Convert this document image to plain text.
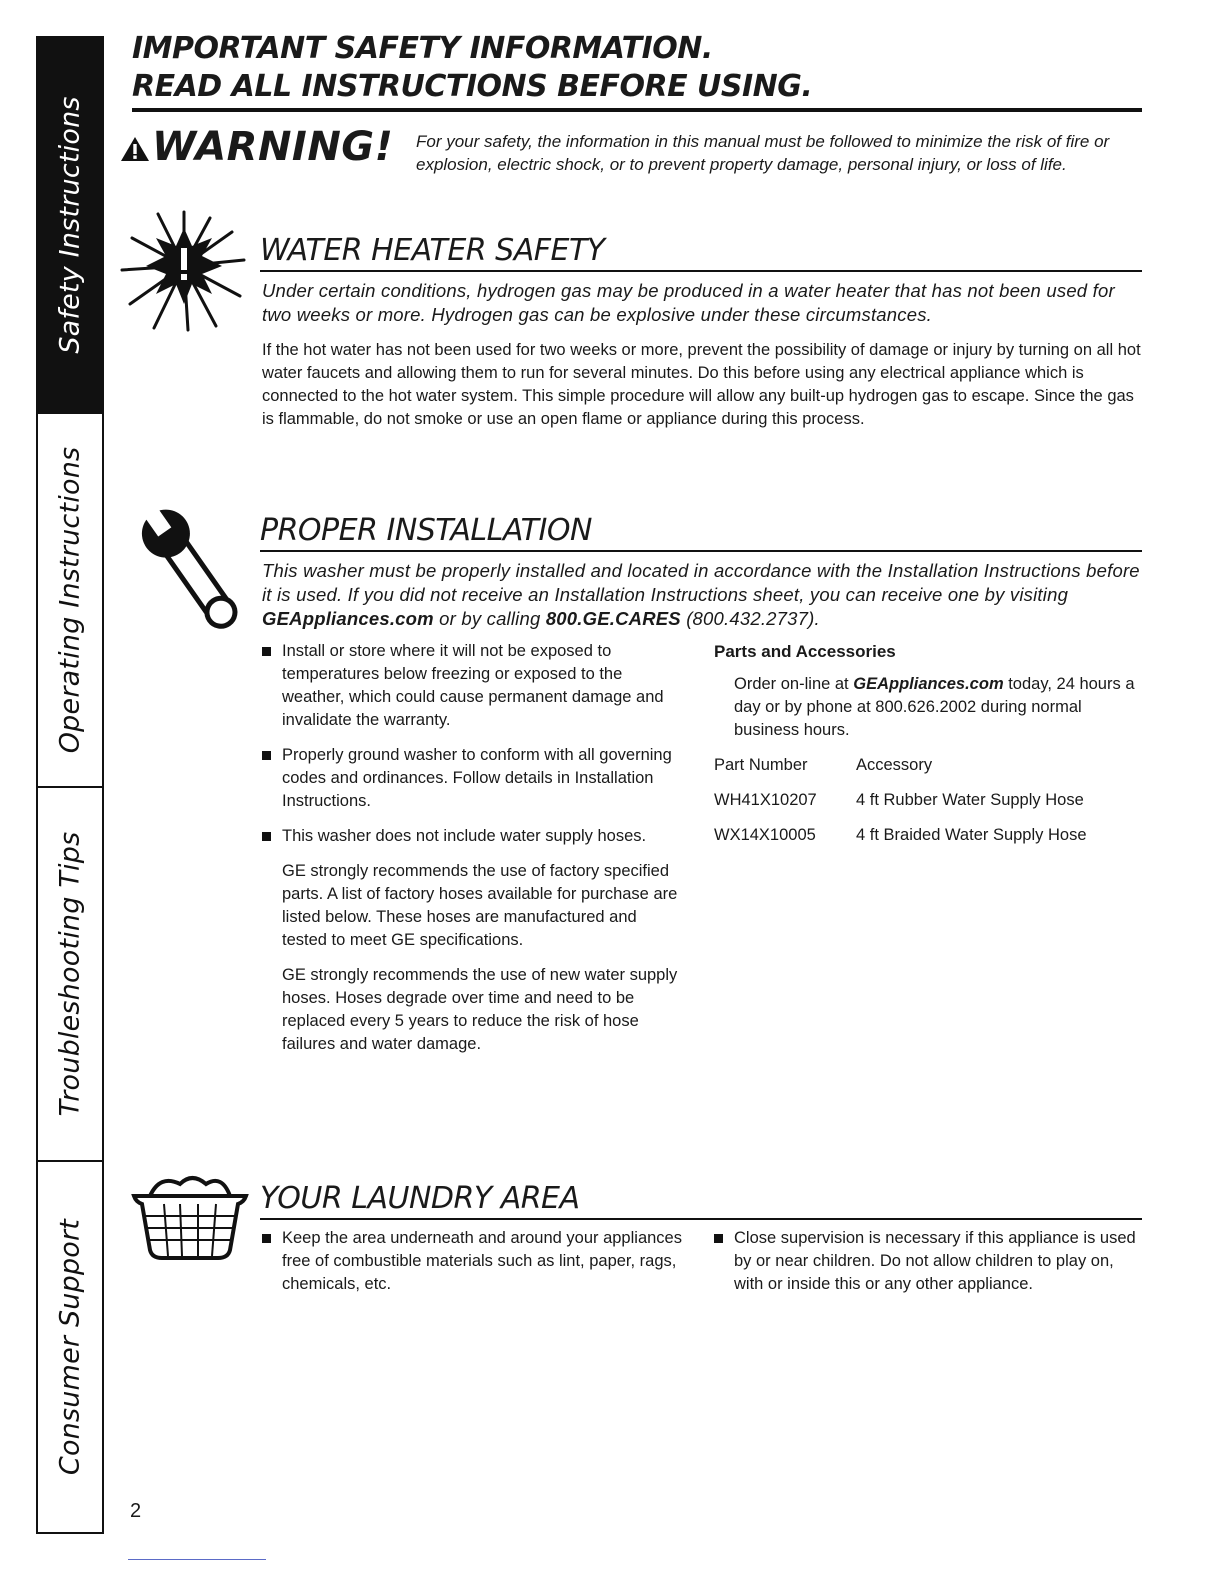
Safety Instructions
Operating Instructions
Troubleshooting Tips
Consumer Support
IMPORTANT SAFETY INFORMATION.
READ ALL INSTRUCTIONS BEFORE USING.
WARNING! For your safety, the information in this manual must be followed to minimize the risk of fire or explosion, electric shock, or to prevent property damage, personal injury, or loss of life.
WATER HEATER SAFETY
Under certain conditions, hydrogen gas may be produced in a water heater that has not been used for two weeks or more. Hydrogen gas can be explosive under these circumstances.
If the hot water has not been used for two weeks or more, prevent the possibility of damage or injury by turning on all hot water faucets and allowing them to run for several minutes. Do this before using any electrical appliance which is connected to the hot water system. This simple procedure will allow any built-up hydrogen gas to escape. Since the gas is flammable, do not smoke or use an open flame or appliance during this process.
PROPER INSTALLATION
This washer must be properly installed and located in accordance with the Installation Instructions before it is used. If you did not receive an Installation Instructions sheet, you can receive one by visiting GEAppliances.com or by calling 800.GE.CARES (800.432.2737).
Install or store where it will not be exposed to temperatures below freezing or exposed to the weather, which could cause permanent damage and invalidate the warranty.
Properly ground washer to conform with all governing codes and ordinances. Follow details in Installation Instructions.
This washer does not include water supply hoses.
GE strongly recommends the use of factory specified parts. A list of factory hoses available for purchase are listed below. These hoses are manufactured and tested to meet GE specifications.
GE strongly recommends the use of new water supply hoses. Hoses degrade over time and need to be replaced every 5 years to reduce the risk of hose failures and water damage.
Parts and Accessories
Order on-line at GEAppliances.com today, 24 hours a day or by phone at 800.626.2002 during normal business hours.
Part Number	Accessory
WH41X10207	4 ft Rubber Water Supply Hose
WX14X10005	4 ft Braided Water Supply Hose
YOUR LAUNDRY AREA
Keep the area underneath and around your appliances free of combustible materials such as lint, paper, rags, chemicals, etc.
Close supervision is necessary if this appliance is used by or near children. Do not allow children to play on, with or inside this or any other appliance.
2
